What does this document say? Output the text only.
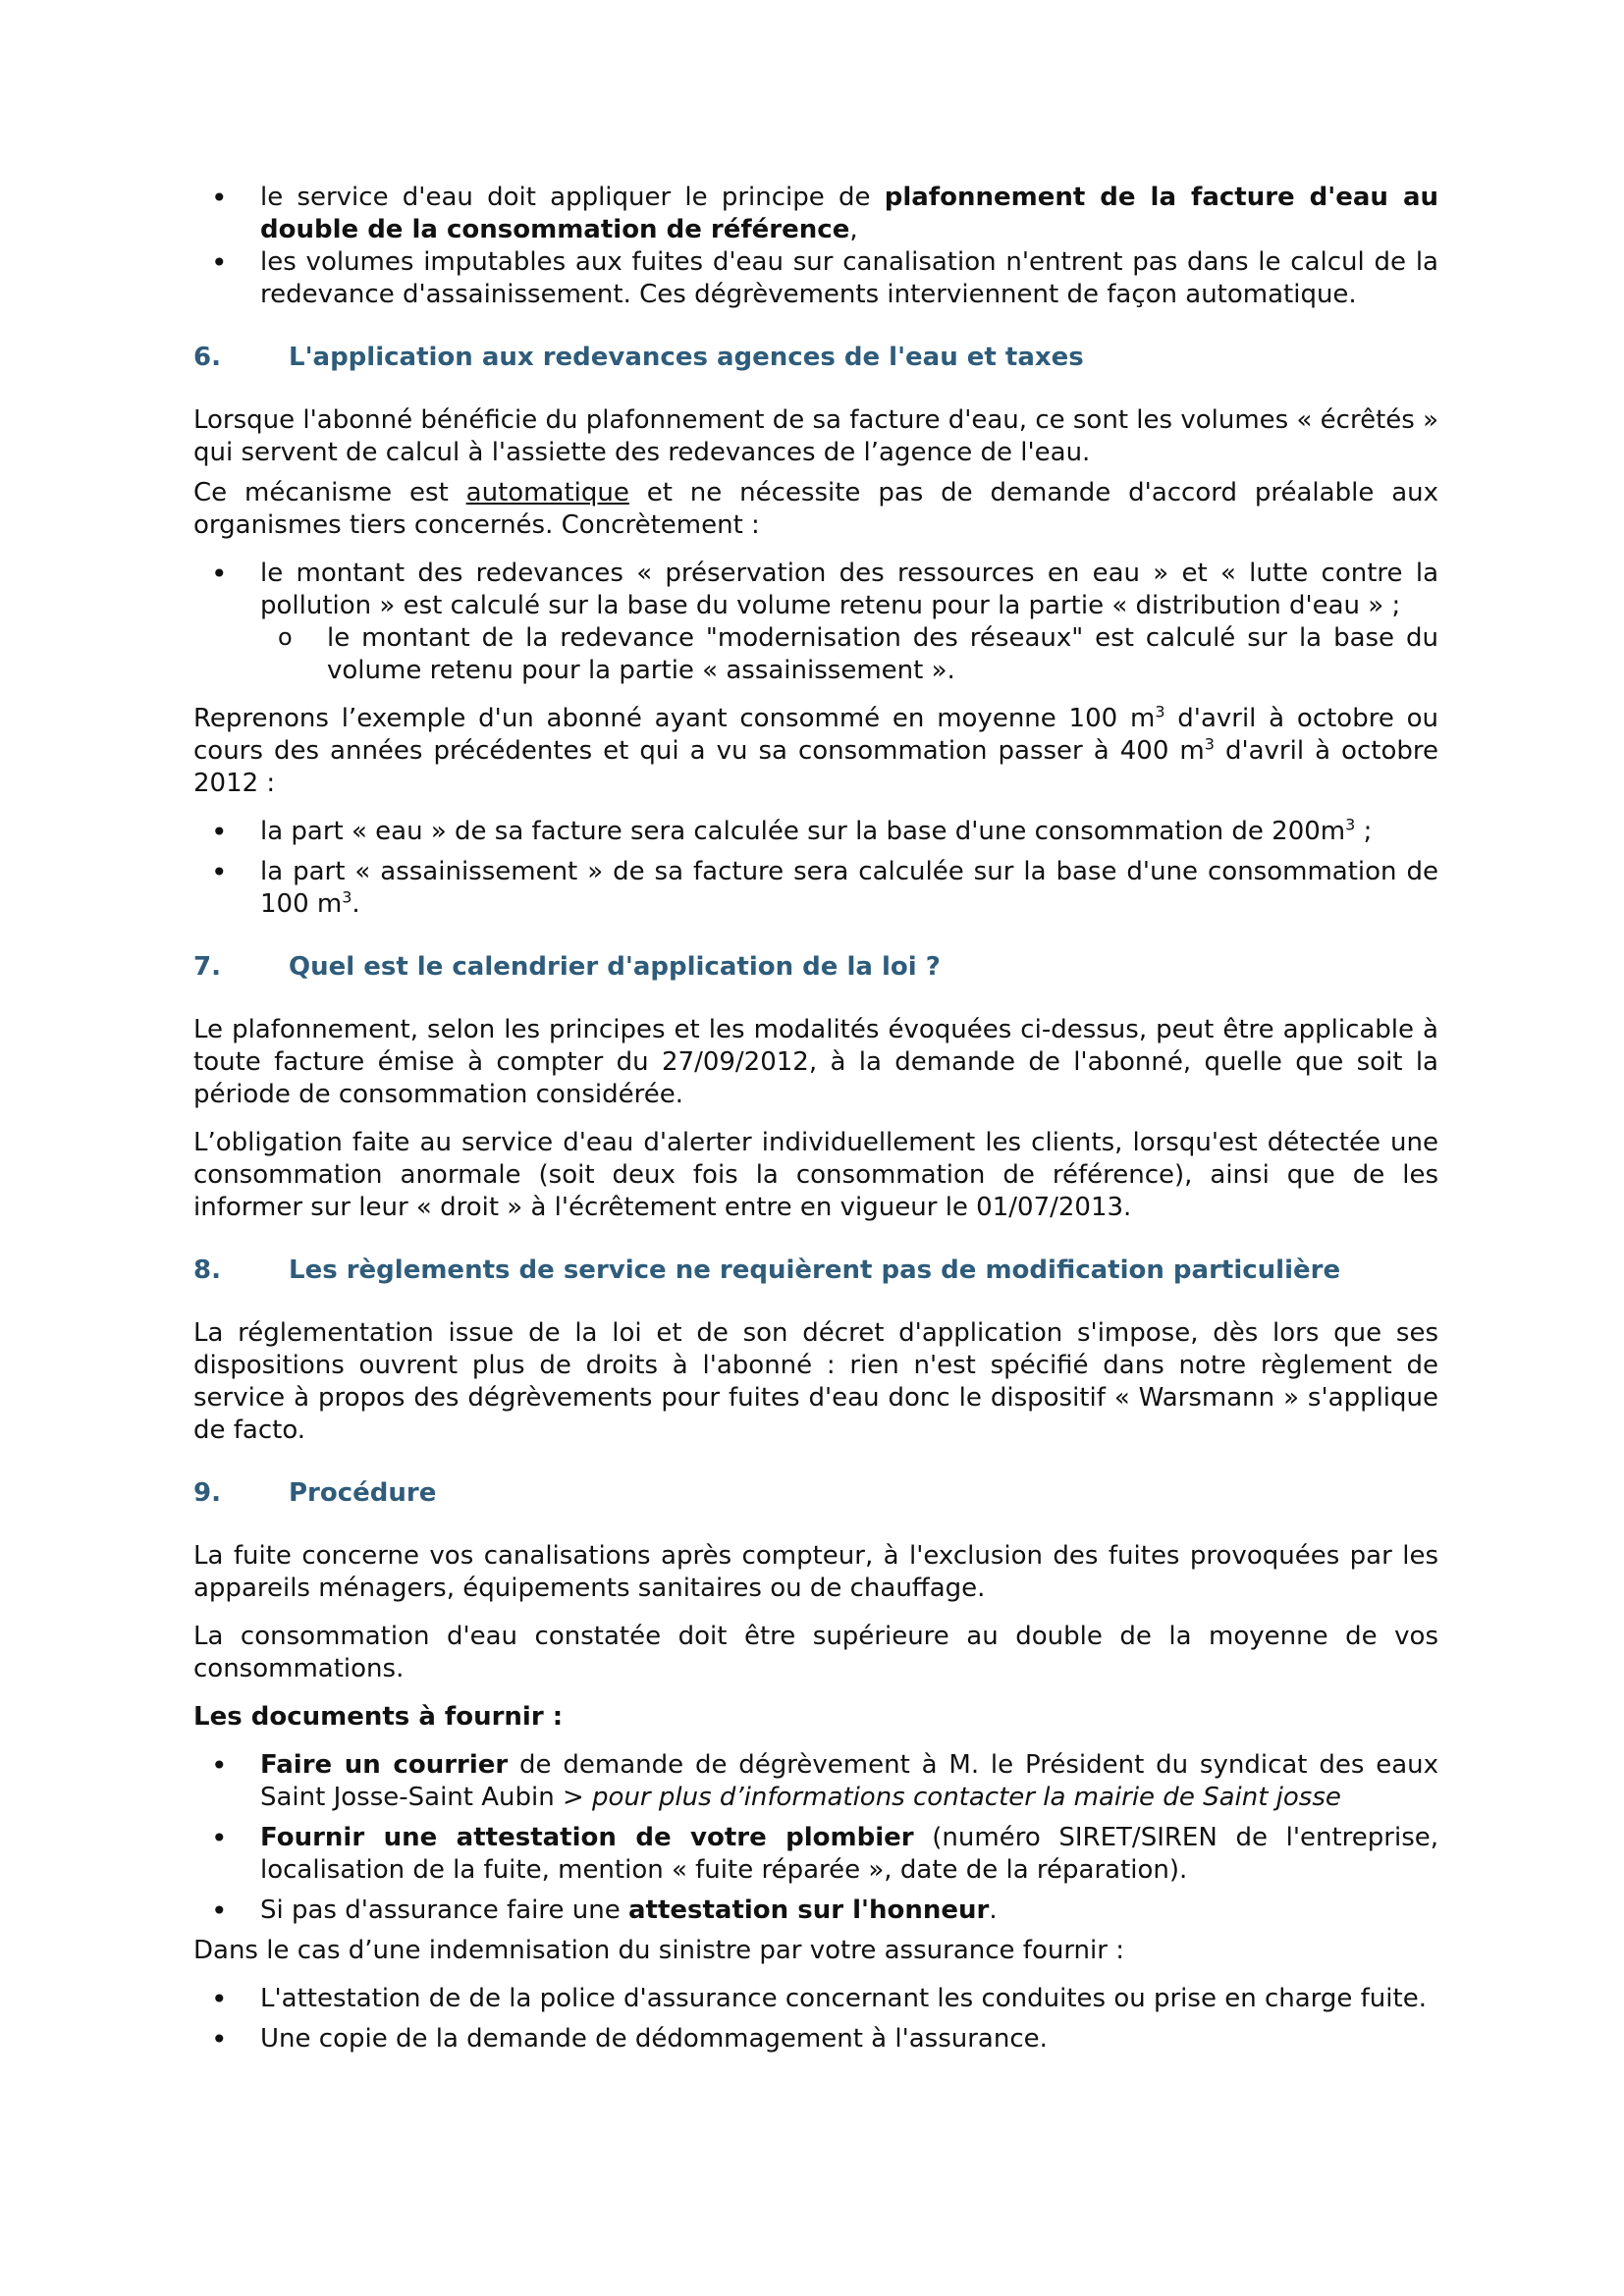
• le service d'eau doit appliquer le principe de plafonnement de la facture d'eau au double de la consommation de référence,
• les volumes imputables aux fuites d'eau sur canalisation n'entrent pas dans le calcul de la redevance d'assainissement. Ces dégrèvements interviennent de façon automatique.
6.	L'application aux redevances agences de l'eau et taxes

Lorsque l'abonné bénéficie du plafonnement de sa facture d'eau, ce sont les volumes « écrêtés » qui servent de calcul à l'assiette des redevances de l’agence de l'eau.

Ce mécanisme est automatique et ne nécessite pas de demande d'accord préalable aux organismes tiers concernés. Concrètement :

• le montant des redevances « préservation des ressources en eau » et « lutte contre la pollution » est calculé sur la base du volume retenu pour la partie « distribution d'eau » ;
o le montant de la redevance "modernisation des réseaux" est calculé sur la base du volume retenu pour la partie « assainissement ».

Reprenons l’exemple d'un abonné ayant consommé en moyenne 100 $m^3$ d'avril à octobre ou cours des années précédentes et qui a vu sa consommation passer à 400 $m^3$ d'avril à octobre 2012 :

• la part « eau » de sa facture sera calculée sur la base d'une consommation de $200m^3$ ;
• la part « assainissement » de sa facture sera calculée sur la base d'une consommation de 100 $m^3$.
7.	Quel est le calendrier d'application de la loi ?

Le plafonnement, selon les principes et les modalités évoquées ci-dessus, peut être applicable à toute facture émise à compter du 27/09/2012, à la demande de l'abonné, quelle que soit la période de consommation considérée.

L’obligation faite au service d'eau d'alerter individuellement les clients, lorsqu'est détectée une consommation anormale (soit deux fois la consommation de référence), ainsi que de les informer sur leur « droit » à l'écrêtement entre en vigueur le 01/07/2013.

8.	Les règlements de service ne requièrent pas de modification particulière

La réglementation issue de la loi et de son décret d'application s'impose, dès lors que ses dispositions ouvrent plus de droits à l'abonné : rien n'est spécifié dans notre règlement de service à propos des dégrèvements pour fuites d'eau donc le dispositif « Warsmann » s'applique de facto.

9.	Procédure

La fuite concerne vos canalisations après compteur, à l'exclusion des fuites provoquées par les appareils ménagers, équipements sanitaires ou de chauffage.

La consommation d'eau constatée doit être supérieure au double de la moyenne de vos consommations.

Les documents à fournir :

• Faire un courrier de demande de dégrèvement à M. le Président du syndicat des eaux Saint Josse-Saint Aubin > pour plus d’informations contacter la mairie de Saint josse
• Fournir une attestation de votre plombier (numéro SIRET/SIREN de l'entreprise, localisation de la fuite, mention « fuite réparée », date de la réparation).
• Si pas d'assurance faire une attestation sur l'honneur.

Dans le cas d’une indemnisation du sinistre par votre assurance fournir :

• L'attestation de de la police d'assurance concernant les conduites ou prise en charge fuite.
• Une copie de la demande de dédommagement à l'assurance.
